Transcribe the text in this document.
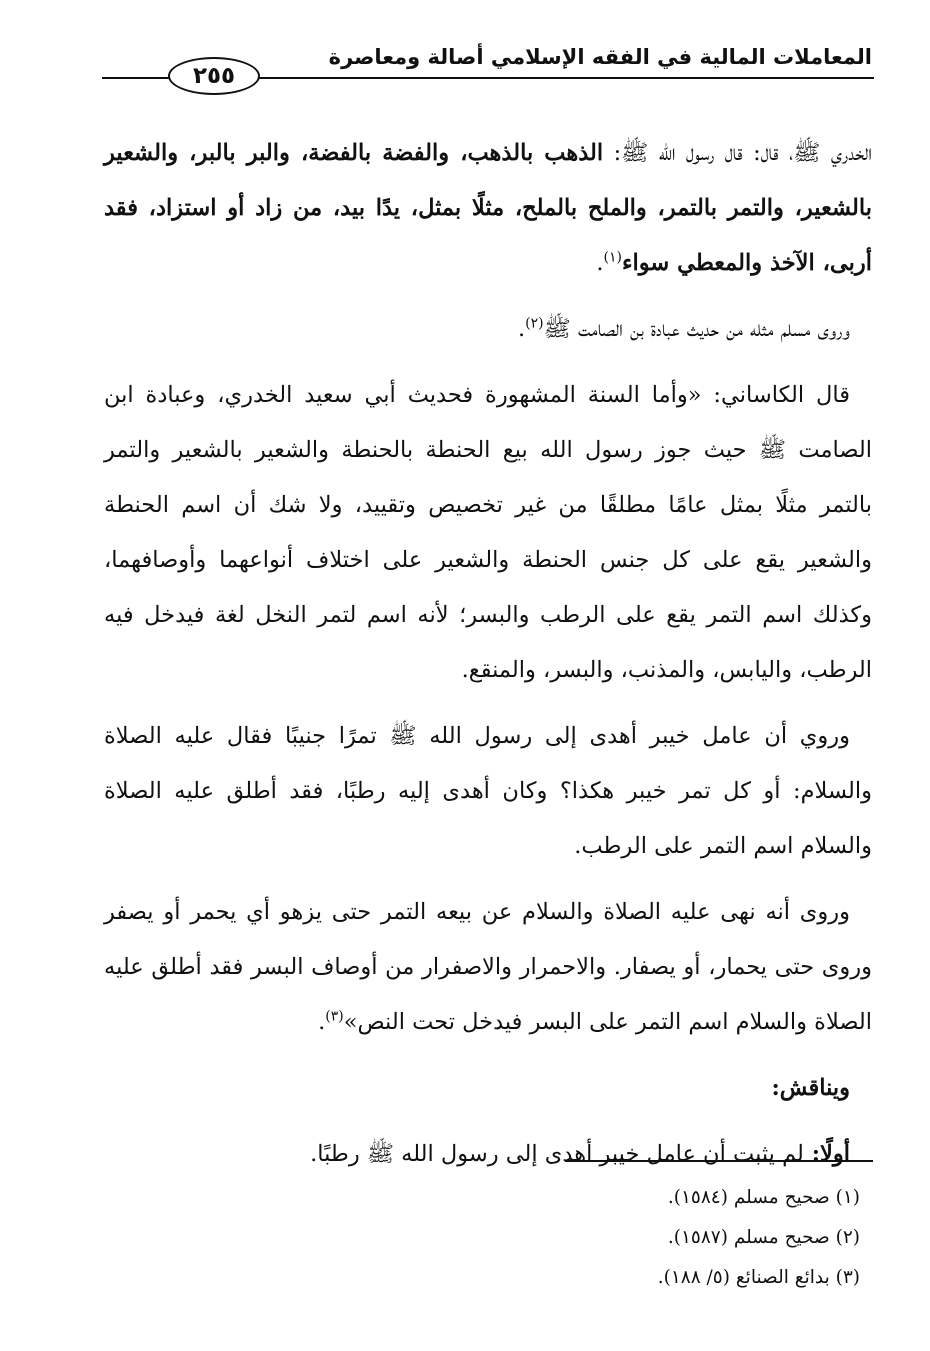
المعاملات المالية في الفقه الإسلامي أصالة ومعاصرة
٢٥٥

الخدري ﷺ، قال: قال رسول الله ﷺ: الذهب بالذهب، والفضة بالفضة، والبر بالبر، والشعير بالشعير، والتمر بالتمر، والملح بالملح، مثلًا بمثل، يدًا بيد، من زاد أو استزاد، فقد أربى، الآخذ والمعطي سواء$^{(١)}$.

وروى مسلم مثله من حديث عبادة بن الصامت ﷺ$^{(٢)}$.

قال الكاساني: «وأما السنة المشهورة فحديث أبي سعيد الخدري، وعبادة ابن الصامت ﷺ حيث جوز رسول الله بيع الحنطة بالحنطة والشعير بالشعير والتمر بالتمر مثلًا بمثل عامًا مطلقًا من غير تخصيص وتقييد، ولا شك أن اسم الحنطة والشعير يقع على كل جنس الحنطة والشعير على اختلاف أنواعهما وأوصافهما، وكذلك اسم التمر يقع على الرطب والبسر؛ لأنه اسم لتمر النخل لغة فيدخل فيه الرطب، واليابس، والمذنب، والبسر، والمنقع.

وروي أن عامل خيبر أهدى إلى رسول الله ﷺ تمرًا جنيبًا فقال عليه الصلاة والسلام: أو كل تمر خيبر هكذا؟ وكان أهدى إليه رطبًا، فقد أطلق عليه الصلاة والسلام اسم التمر على الرطب.

وروى أنه نهى عليه الصلاة والسلام عن بيعه التمر حتى يزهو أي يحمر أو يصفر وروى حتى يحمار، أو يصفار. والاحمرار والاصفرار من أوصاف البسر فقد أطلق عليه الصلاة والسلام اسم التمر على البسر فيدخل تحت النص»$^{(٣)}$.

ويناقش:

أولًا: لم يثبت أن عامل خيبر أهدى إلى رسول الله ﷺ رطبًا.

(١) صحيح مسلم (١٥٨٤).
(٢) صحيح مسلم (١٥٨٧).
(٣) بدائع الصنائع (٥/ ١٨٨).
